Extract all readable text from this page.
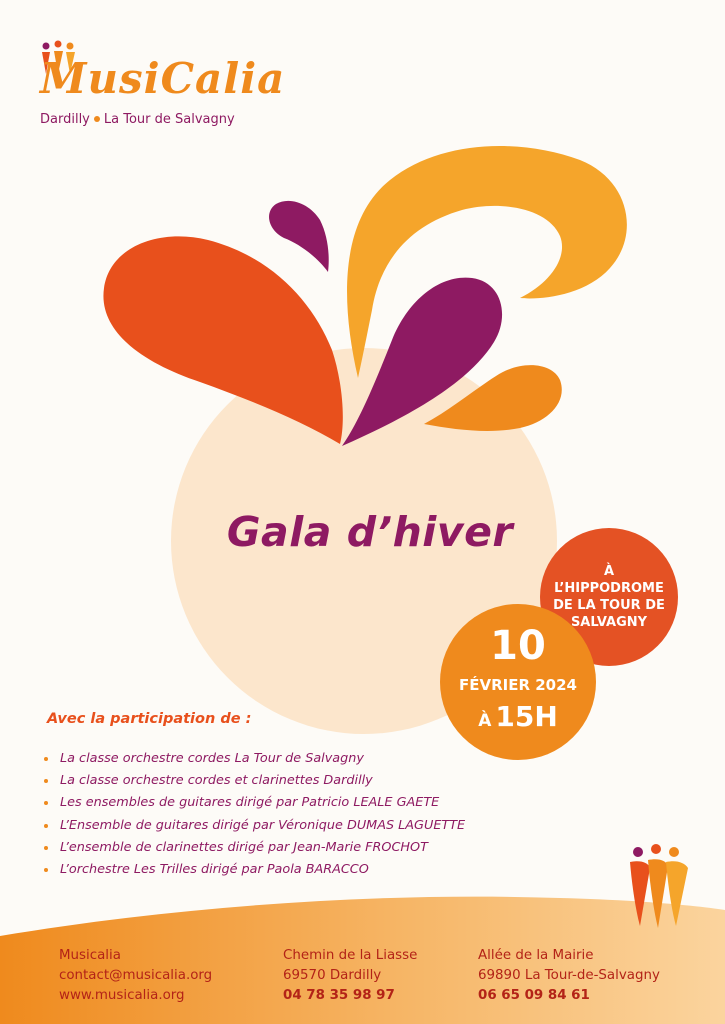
MusiCalia
Dardilly La Tour de Salvagny
Gala d’hiver
À L’HIPPODROME DE LA TOUR DE SALVAGNY
10
FÉVRIER 2024
À 15H
Avec la participation de :
La classe orchestre cordes La Tour de Salvagny
La classe orchestre cordes et clarinettes Dardilly
Les ensembles de guitares dirigé par Patricio LEALE GAETE
L’Ensemble de guitares dirigé par Véronique DUMAS LAGUETTE
L’ensemble de clarinettes dirigé par Jean-Marie FROCHOT
L’orchestre Les Trilles dirigé par Paola BARACCO
Musicalia
contact@musicalia.org
www.musicalia.org
Chemin de la Liasse
69570 Dardilly
04 78 35 98 97
Allée de la Mairie
69890 La Tour-de-Salvagny
06 65 09 84 61
